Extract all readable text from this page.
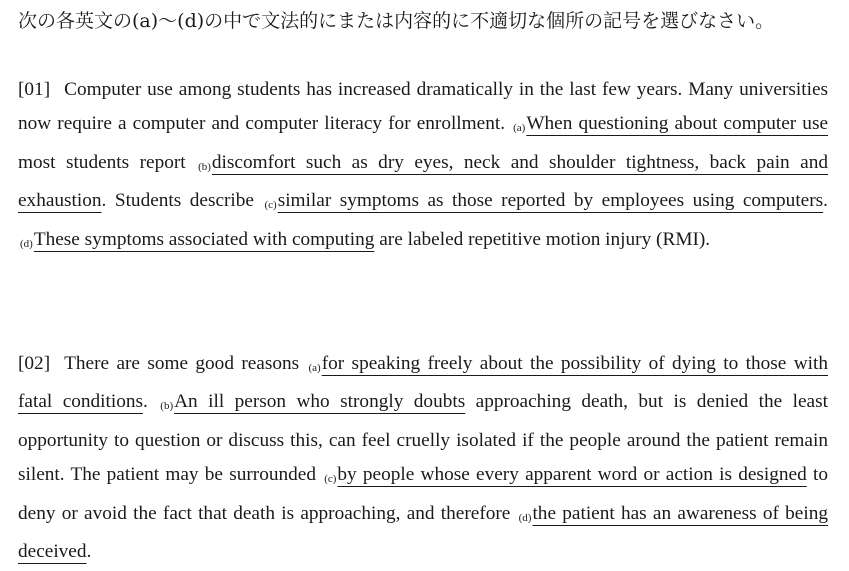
次の各英文の(a)～(d)の中で文法的にまたは内容的に不適切な個所の記号を選びなさい。
[01] Computer use among students has increased dramatically in the last few years. Many universities now require a computer and computer literacy for enrollment. (a)When questioning about computer use most students report (b)discomfort such as dry eyes, neck and shoulder tightness, back pain and exhaustion. Students describe (c)similar symptoms as those reported by employees using computers. (d)These symptoms associated with computing are labeled repetitive motion injury (RMI).
[02] There are some good reasons (a)for speaking freely about the possibility of dying to those with fatal conditions. (b)An ill person who strongly doubts approaching death, but is denied the least opportunity to question or discuss this, can feel cruelly isolated if the people around the patient remain silent. The patient may be surrounded (c)by people whose every apparent word or action is designed to deny or avoid the fact that death is approaching, and therefore (d)the patient has an awareness of being deceived.
